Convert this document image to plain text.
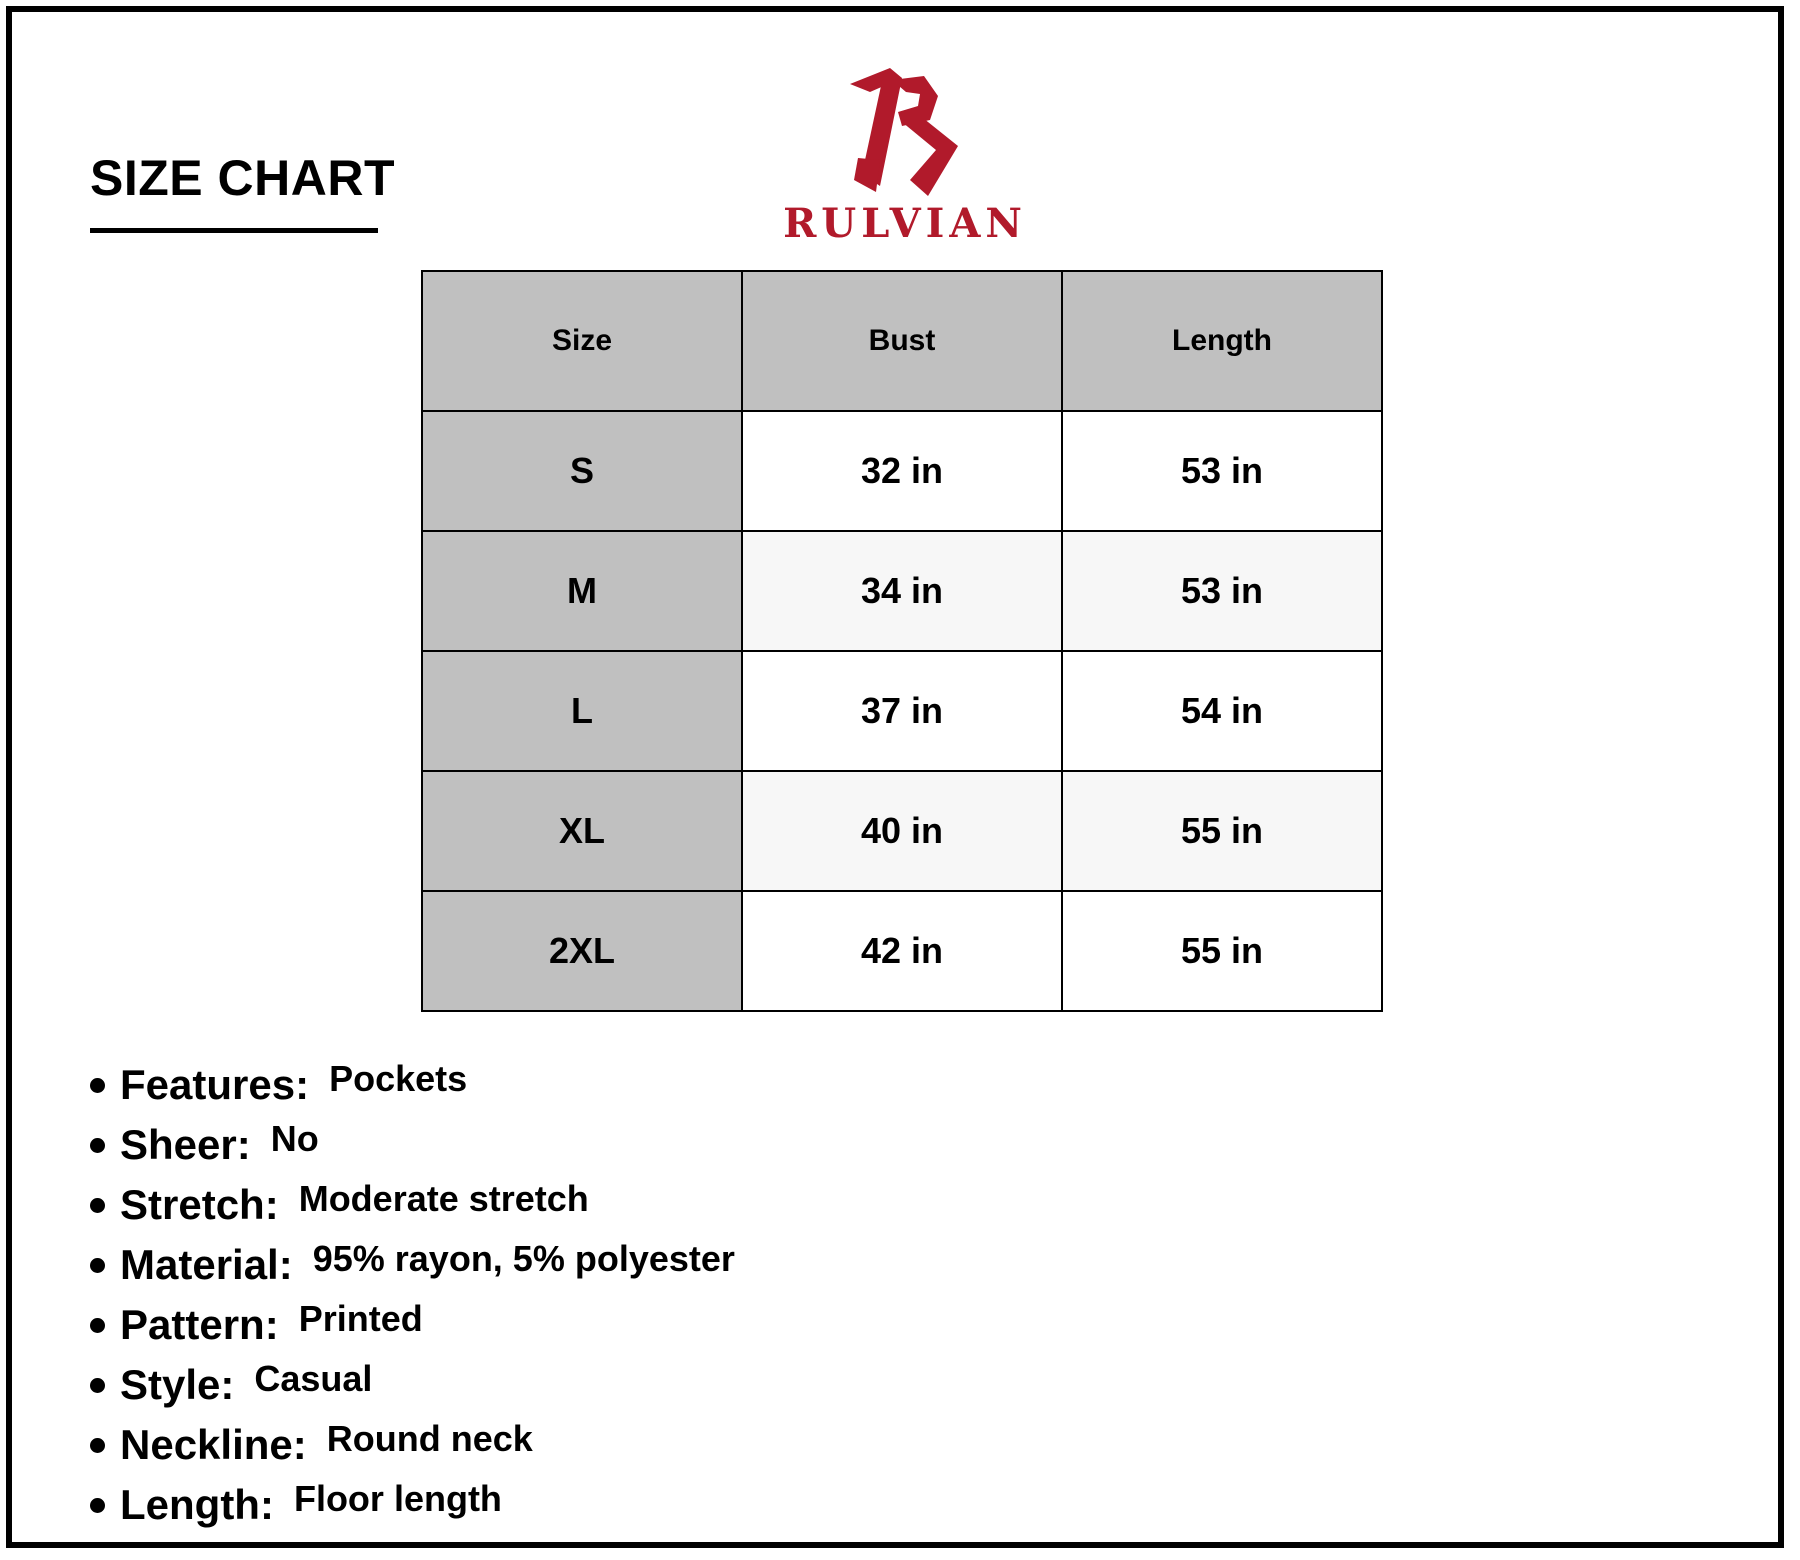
SIZE CHART
RULVIAN
Size	Bust	Length
S	32 in	53 in
M	34 in	53 in
L	37 in	54 in
XL	40 in	55 in
2XL	42 in	55 in
Features: Pockets
Sheer: No
Stretch: Moderate stretch
Material: 95% rayon, 5% polyester
Pattern: Printed
Style: Casual
Neckline: Round neck
Length: Floor length
